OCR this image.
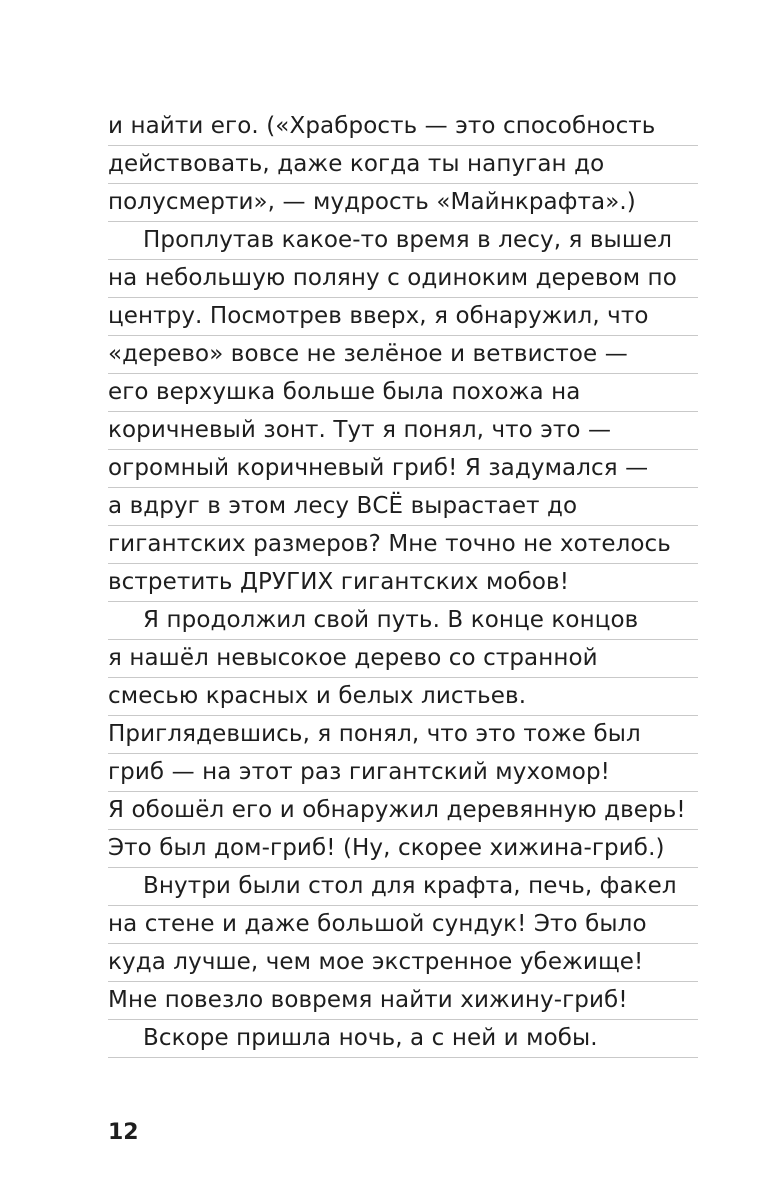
и найти его. («Храбрость — это способность
действовать, даже когда ты напуган до
полусмерти», — мудрость «Майнкрафта».)
Проплутав какое-то время в лесу, я вышел
на небольшую поляну с одиноким деревом по
центру. Посмотрев вверх, я обнаружил, что
«дерево» вовсе не зелёное и ветвистое —
его верхушка больше была похожа на
коричневый зонт. Тут я понял, что это —
огромный коричневый гриб! Я задумался —
а вдруг в этом лесу ВСЁ вырастает до
гигантских размеров? Мне точно не хотелось
встретить ДРУГИХ гигантских мобов!
Я продолжил свой путь. В конце концов
я нашёл невысокое дерево со странной
смесью красных и белых листьев.
Приглядевшись, я понял, что это тоже был
гриб — на этот раз гигантский мухомор!
Я обошёл его и обнаружил деревянную дверь!
Это был дом-гриб! (Ну, скорее хижина-гриб.)
Внутри были стол для крафта, печь, факел
на стене и даже большой сундук! Это было
куда лучше, чем мое экстренное убежище!
Мне повезло вовремя найти хижину-гриб!
Вскоре пришла ночь, а с ней и мобы.
12
